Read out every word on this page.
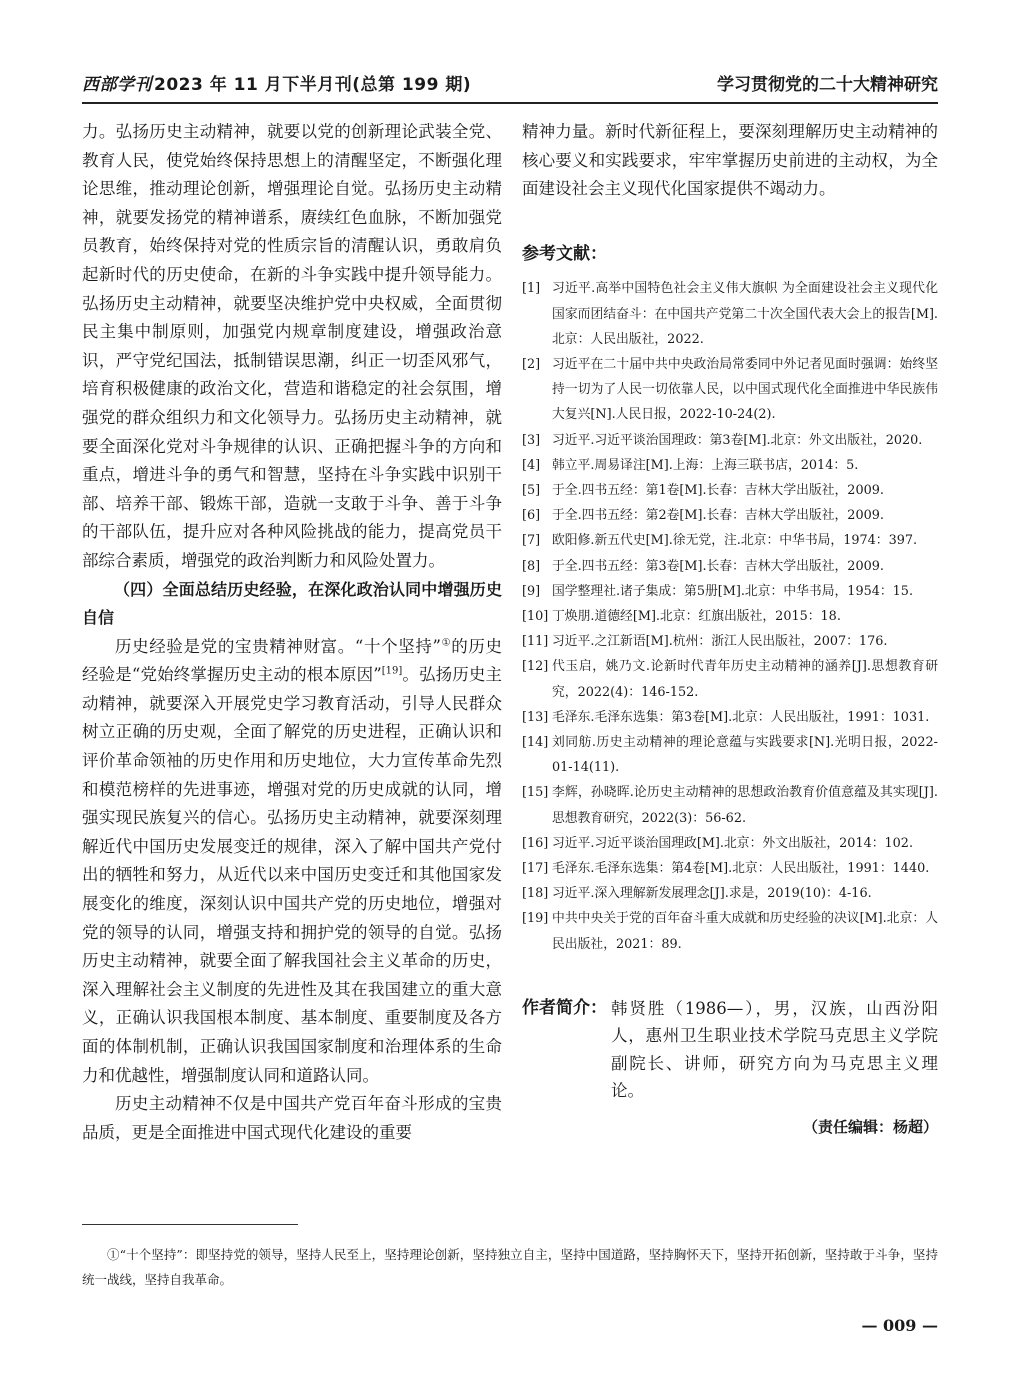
西部学刊 2023 年 11 月下半月刊(总第 199 期)	学习贯彻党的二十大精神研究

力。弘扬历史主动精神，就要以党的创新理论武装全党、教育人民，使党始终保持思想上的清醒坚定，不断强化理论思维，推动理论创新，增强理论自觉。弘扬历史主动精神，就要发扬党的精神谱系，赓续红色血脉，不断加强党员教育，始终保持对党的性质宗旨的清醒认识，勇敢肩负起新时代的历史使命，在新的斗争实践中提升领导能力。弘扬历史主动精神，就要坚决维护党中央权威，全面贯彻民主集中制原则，加强党内规章制度建设，增强政治意识，严守党纪国法，抵制错误思潮，纠正一切歪风邪气，培育积极健康的政治文化，营造和谐稳定的社会氛围，增强党的群众组织力和文化领导力。弘扬历史主动精神，就要全面深化党对斗争规律的认识、正确把握斗争的方向和重点，增进斗争的勇气和智慧，坚持在斗争实践中识别干部、培养干部、锻炼干部，造就一支敢于斗争、善于斗争的干部队伍，提升应对各种风险挑战的能力，提高党员干部综合素质，增强党的政治判断力和风险处置力。

（四）全面总结历史经验，在深化政治认同中增强历史自信

历史经验是党的宝贵精神财富。“十个坚持”①的历史经验是“党始终掌握历史主动的根本原因”[19]。弘扬历史主动精神，就要深入开展党史学习教育活动，引导人民群众树立正确的历史观，全面了解党的历史进程，正确认识和评价革命领袖的历史作用和历史地位，大力宣传革命先烈和模范榜样的先进事迹，增强对党的历史成就的认同，增强实现民族复兴的信心。弘扬历史主动精神，就要深刻理解近代中国历史发展变迁的规律，深入了解中国共产党付出的牺牲和努力，从近代以来中国历史变迁和其他国家发展变化的维度，深刻认识中国共产党的历史地位，增强对党的领导的认同，增强支持和拥护党的领导的自觉。弘扬历史主动精神，就要全面了解我国社会主义革命的历史，深入理解社会主义制度的先进性及其在我国建立的重大意义，正确认识我国根本制度、基本制度、重要制度及各方面的体制机制，正确认识我国国家制度和治理体系的生命力和优越性，增强制度认同和道路认同。

历史主动精神不仅是中国共产党百年奋斗形成的宝贵品质，更是全面推进中国式现代化建设的重要

精神力量。新时代新征程上，要深刻理解历史主动精神的核心要义和实践要求，牢牢掌握历史前进的主动权，为全面建设社会主义现代化国家提供不竭动力。

参考文献：
[1] 习近平.高举中国特色社会主义伟大旗帜 为全面建设社会主义现代化国家而团结奋斗：在中国共产党第二十次全国代表大会上的报告[M].北京：人民出版社，2022.
[2] 习近平在二十届中共中央政治局常委同中外记者见面时强调：始终坚持一切为了人民一切依靠人民，以中国式现代化全面推进中华民族伟大复兴[N].人民日报，2022-10-24(2).
[3] 习近平.习近平谈治国理政：第3卷[M].北京：外文出版社，2020.
[4] 韩立平.周易译注[M].上海：上海三联书店，2014：5.
[5] 于全.四书五经：第1卷[M].长春：吉林大学出版社，2009.
[6] 于全.四书五经：第2卷[M].长春：吉林大学出版社，2009.
[7] 欧阳修.新五代史[M].徐无党，注.北京：中华书局，1974：397.
[8] 于全.四书五经：第3卷[M].长春：吉林大学出版社，2009.
[9] 国学整理社.诸子集成：第5册[M].北京：中华书局，1954：15.
[10] 丁焕朋.道德经[M].北京：红旗出版社，2015：18.
[11] 习近平.之江新语[M].杭州：浙江人民出版社，2007：176.
[12] 代玉启，姚乃文.论新时代青年历史主动精神的涵养[J].思想教育研究，2022(4)：146-152.
[13] 毛泽东.毛泽东选集：第3卷[M].北京：人民出版社，1991：1031.
[14] 刘同舫.历史主动精神的理论意蕴与实践要求[N].光明日报，2022-01-14(11).
[15] 李辉，孙晓晖.论历史主动精神的思想政治教育价值意蕴及其实现[J].思想教育研究，2022(3)：56-62.
[16] 习近平.习近平谈治国理政[M].北京：外文出版社，2014：102.
[17] 毛泽东.毛泽东选集：第4卷[M].北京：人民出版社，1991：1440.
[18] 习近平.深入理解新发展理念[J].求是，2019(10)：4-16.
[19] 中共中央关于党的百年奋斗重大成就和历史经验的决议[M].北京：人民出版社，2021：89.
作者简介： 韩贤胜（1986—），男，汉族，山西汾阳人，惠州卫生职业技术学院马克思主义学院副院长、讲师，研究方向为马克思主义理论。
（责任编辑：杨超）

①“十个坚持”：即坚持党的领导，坚持人民至上，坚持理论创新，坚持独立自主，坚持中国道路，坚持胸怀天下，坚持开拓创新，坚持敢于斗争，坚持统一战线，坚持自我革命。

— 009 —
